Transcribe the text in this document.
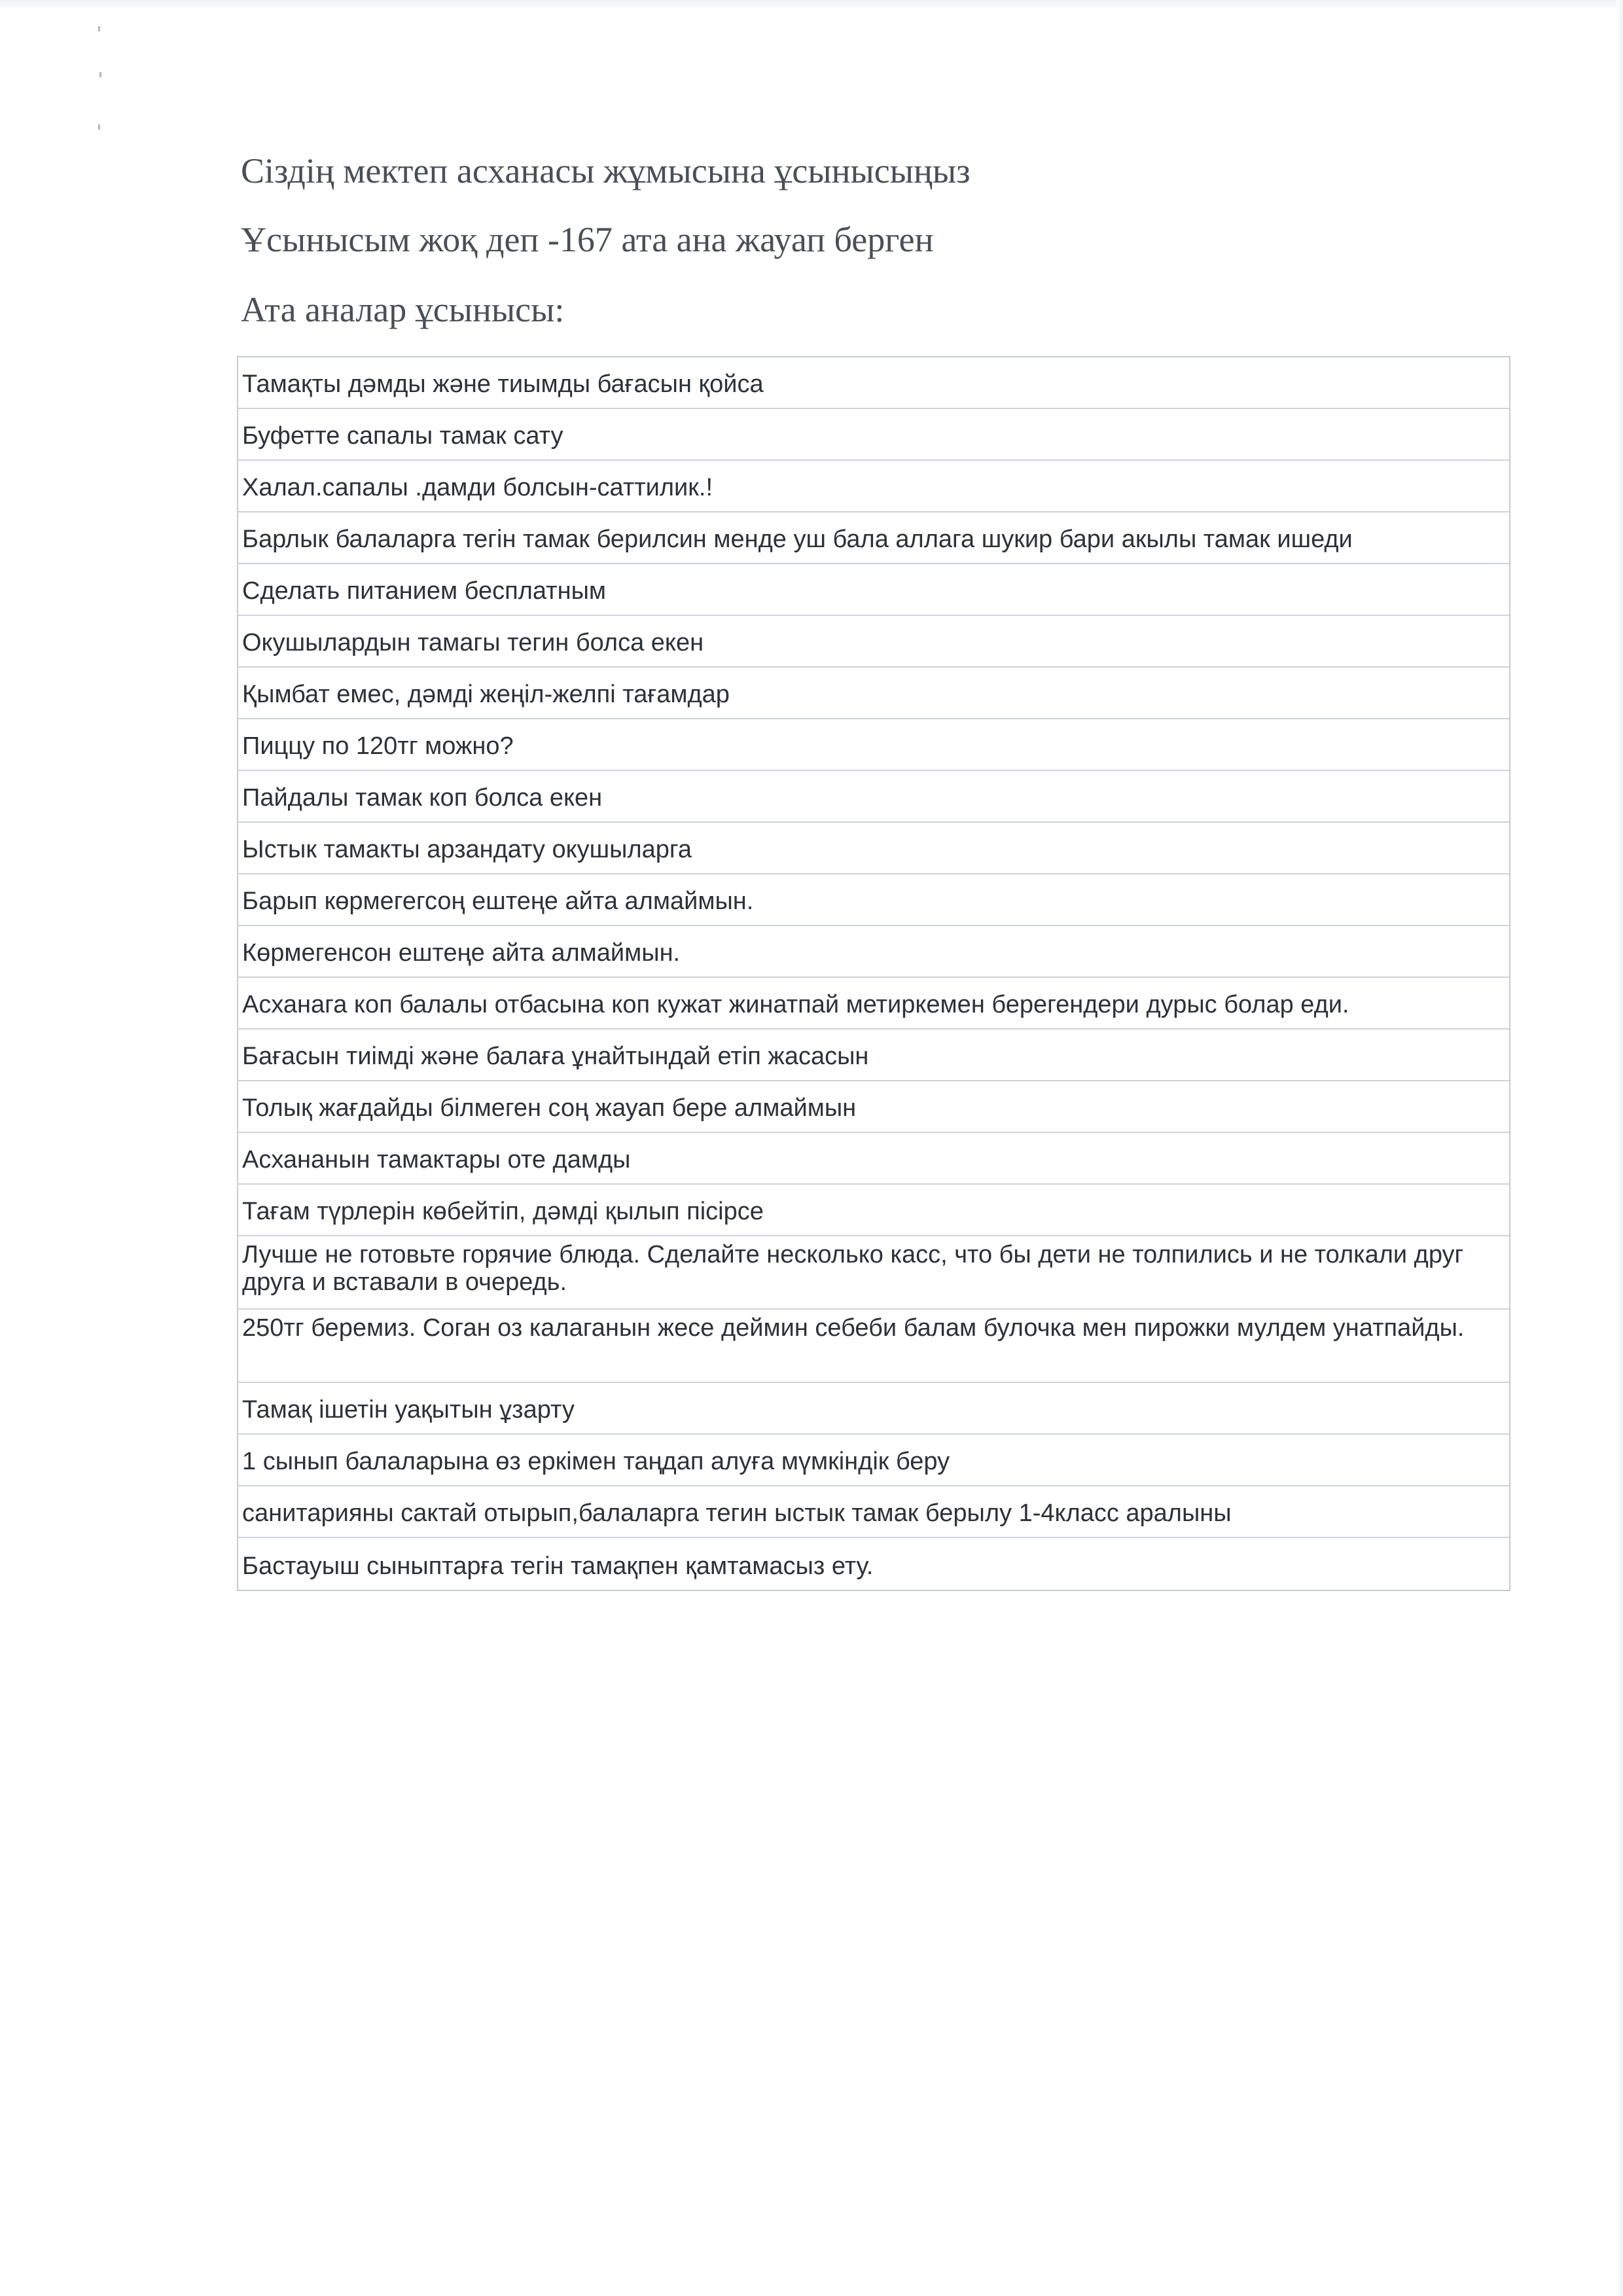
Сіздің мектеп асханасы жұмысына ұсынысыңыз
Ұсынысым жоқ деп -167 ата ана жауап берген
Ата аналар ұсынысы:

Тамақты дәмды және тиымды бағасын қойса

Буфетте сапалы тамак сату

Халал.сапалы .дамди болсын-саттилик.!

Барлык балаларга тегін тамак берилсин менде уш бала аллага шукир бари акылы тамак ишеди

Сделать питанием бесплатным

Окушылардын тамагы тегин болса екен

Қымбат емес, дәмді жеңіл-желпі тағамдар

Пиццу по 120тг можно?

Пайдалы тамак коп болса екен

Ыстык тамакты арзандату окушыларга

Барып көрмегегсоң ештеңе айта алмаймын.

Көрмегенсон ештеңе айта алмаймын.

Асханага коп балалы отбасына коп кужат жинатпай метиркемен берегендери дурыс болар еди.

Бағасын тиімді және балаға ұнайтындай етіп жасасын

Толық жағдайды білмеген соң жауап бере алмаймын

Асхананын тамактары оте дамды

Тағам түрлерін көбейтіп, дәмді қылып пісірсе

Лучше не готовьте горячие блюда. Сделайте несколько касс, что бы дети не толпились и не толкали друг друга и вставали в очередь.

250тг беремиз. Соган оз калаганын жесе деймин себеби балам булочка мен пирожки мулдем унатпайды.

Тамақ ішетін уақытын ұзарту

1 сынып балаларына өз еркімен таңдап алуға мүмкіндік беру

санитарияны сактай отырып,балаларга тегин ыстык тамак берылу 1-4класс аралыны

Бастауыш сыныптарға тегін тамақпен қамтамасыз ету.
